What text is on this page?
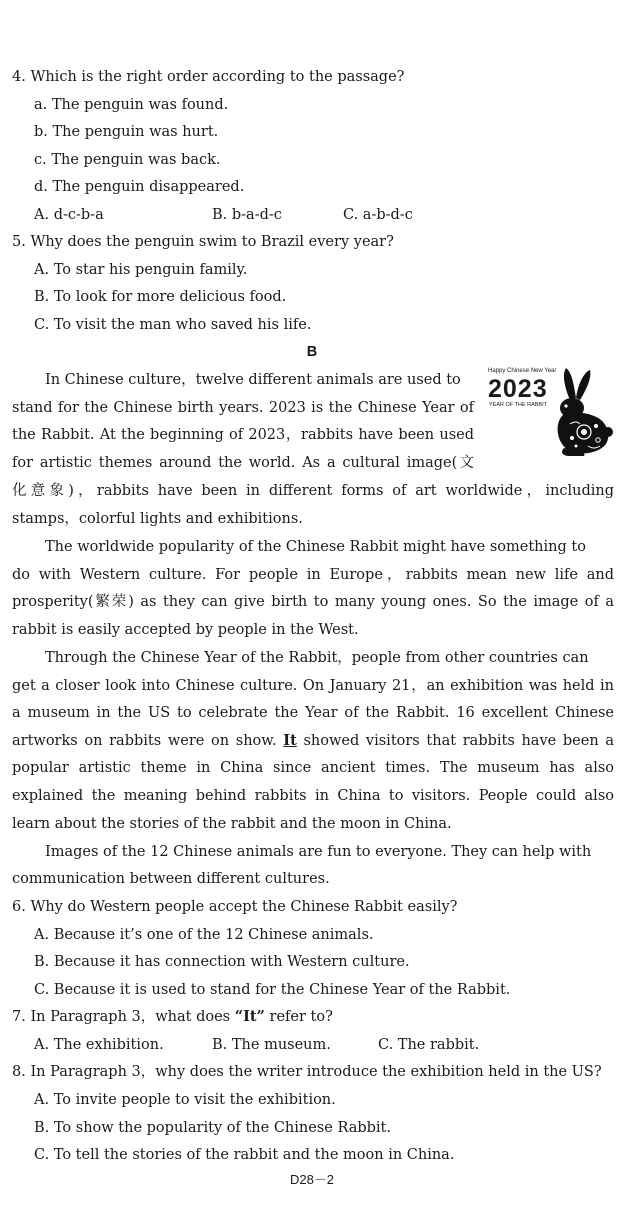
4. Which is the right order according to the passage?
a. The penguin was found.
b. The penguin was hurt.
c. The penguin was back.
d. The penguin disappeared.
A. d-c-b-a	B. b-a-d-c	C. a-b-d-c
5. Why does the penguin swim to Brazil every year?
A. To star his penguin family.
B. To look for more delicious food.
C. To visit the man who saved his life.
B
Happy Chinese New Year
2023
YEAR OF THE RABBIT
In Chinese culture，twelve different animals are used to
stand for the Chinese birth years. 2023 is the Chinese Year of
the Rabbit. At the beginning of 2023，rabbits have been used
for artistic themes around the world. As a cultural image(文
化意象)，rabbits have been in different forms of art worldwide，including
stamps，colorful lights and exhibitions.
The worldwide popularity of the Chinese Rabbit might have something to
do with Western culture. For people in Europe，rabbits mean new life and
prosperity(繁荣) as they can give birth to many young ones. So the image of a
rabbit is easily accepted by people in the West.
Through the Chinese Year of the Rabbit，people from other countries can
get a closer look into Chinese culture. On January 21，an exhibition was held in
a museum in the US to celebrate the Year of the Rabbit. 16 excellent Chinese
artworks on rabbits were on show. It showed visitors that rabbits have been a
popular artistic theme in China since ancient times. The museum has also
explained the meaning behind rabbits in China to visitors. People could also
learn about the stories of the rabbit and the moon in China.
Images of the 12 Chinese animals are fun to everyone. They can help with
communication between different cultures.
6. Why do Western people accept the Chinese Rabbit easily?
A. Because it’s one of the 12 Chinese animals.
B. Because it has connection with Western culture.
C. Because it is used to stand for the Chinese Year of the Rabbit.
7. In Paragraph 3，what does “It” refer to?
A. The exhibition.	B. The museum.	C. The rabbit.
8. In Paragraph 3，why does the writer introduce the exhibition held in the US?
A. To invite people to visit the exhibition.
B. To show the popularity of the Chinese Rabbit.
C. To tell the stories of the rabbit and the moon in China.
D28－2
